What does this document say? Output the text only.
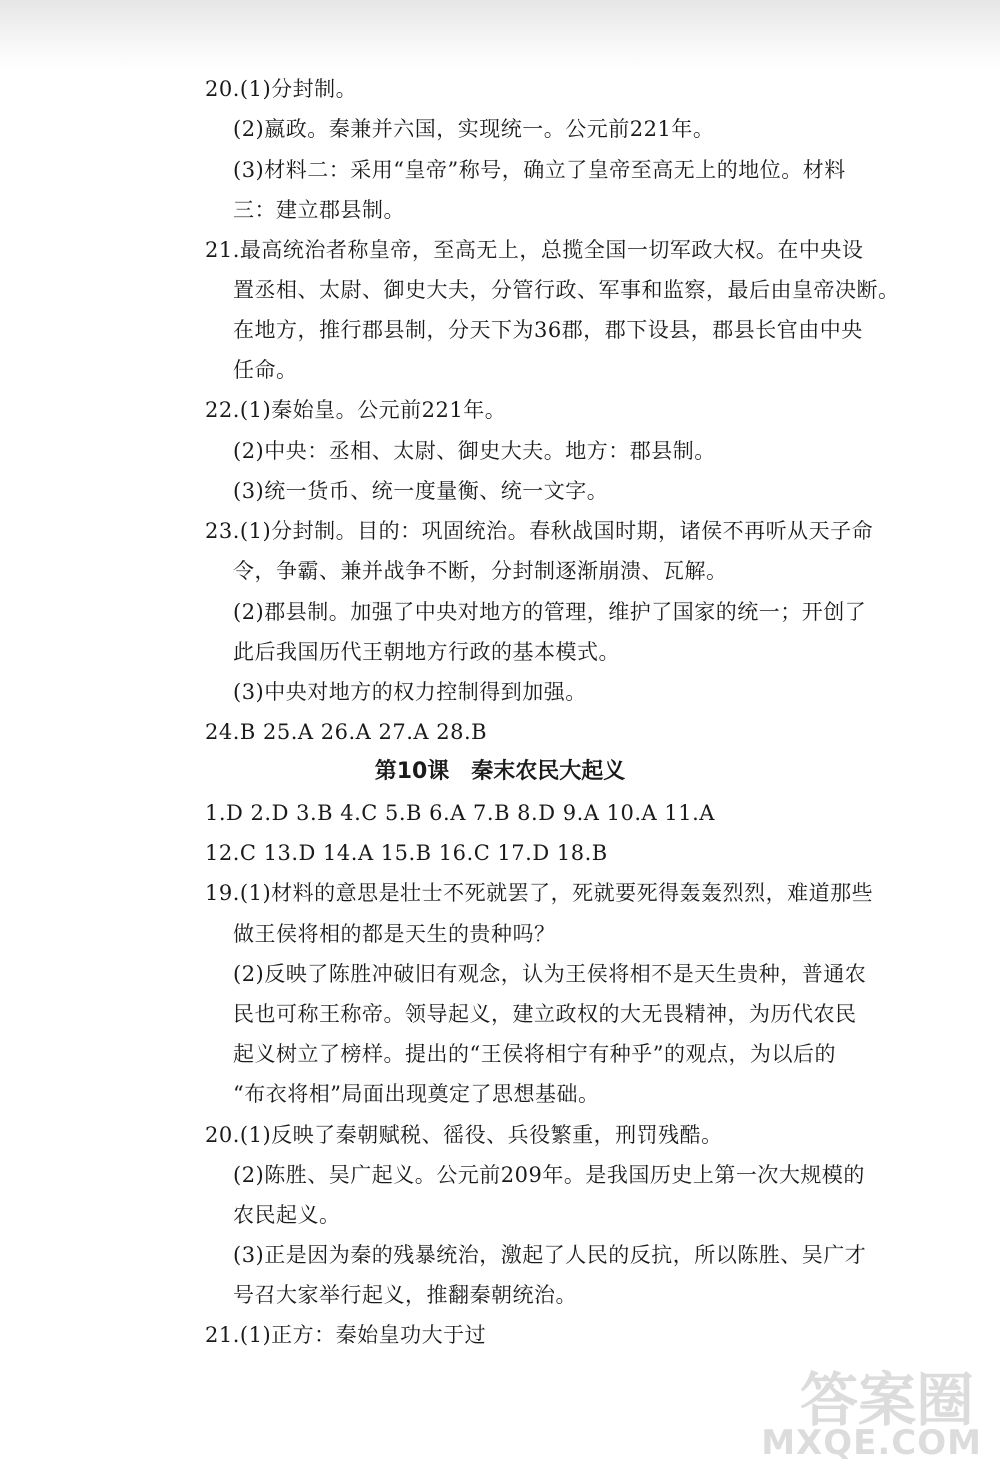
20.(1)分封制。
(2)嬴政。秦兼并六国，实现统一。公元前221年。
(3)材料二：采用“皇帝”称号，确立了皇帝至高无上的地位。材料
三：建立郡县制。
21.最高统治者称皇帝，至高无上，总揽全国一切军政大权。在中央设
置丞相、太尉、御史大夫，分管行政、军事和监察，最后由皇帝决断。
在地方，推行郡县制，分天下为36郡，郡下设县，郡县长官由中央
任命。
22.(1)秦始皇。公元前221年。
(2)中央：丞相、太尉、御史大夫。地方：郡县制。
(3)统一货币、统一度量衡、统一文字。
23.(1)分封制。目的：巩固统治。春秋战国时期，诸侯不再听从天子命
令，争霸、兼并战争不断，分封制逐渐崩溃、瓦解。
(2)郡县制。加强了中央对地方的管理，维护了国家的统一；开创了
此后我国历代王朝地方行政的基本模式。
(3)中央对地方的权力控制得到加强。
24.B 25.A 26.A 27.A 28.B
第10课　秦末农民大起义
1.D 2.D 3.B 4.C 5.B 6.A 7.B 8.D 9.A 10.A 11.A
12.C 13.D 14.A 15.B 16.C 17.D 18.B
19.(1)材料的意思是壮士不死就罢了，死就要死得轰轰烈烈，难道那些
做王侯将相的都是天生的贵种吗？
(2)反映了陈胜冲破旧有观念，认为王侯将相不是天生贵种，普通农
民也可称王称帝。领导起义，建立政权的大无畏精神，为历代农民
起义树立了榜样。提出的“王侯将相宁有种乎”的观点，为以后的
“布衣将相”局面出现奠定了思想基础。
20.(1)反映了秦朝赋税、徭役、兵役繁重，刑罚残酷。
(2)陈胜、吴广起义。公元前209年。是我国历史上第一次大规模的
农民起义。
(3)正是因为秦的残暴统治，激起了人民的反抗，所以陈胜、吴广才
号召大家举行起义，推翻秦朝统治。
21.(1)正方：秦始皇功大于过
答案圈
MXQE.COM
